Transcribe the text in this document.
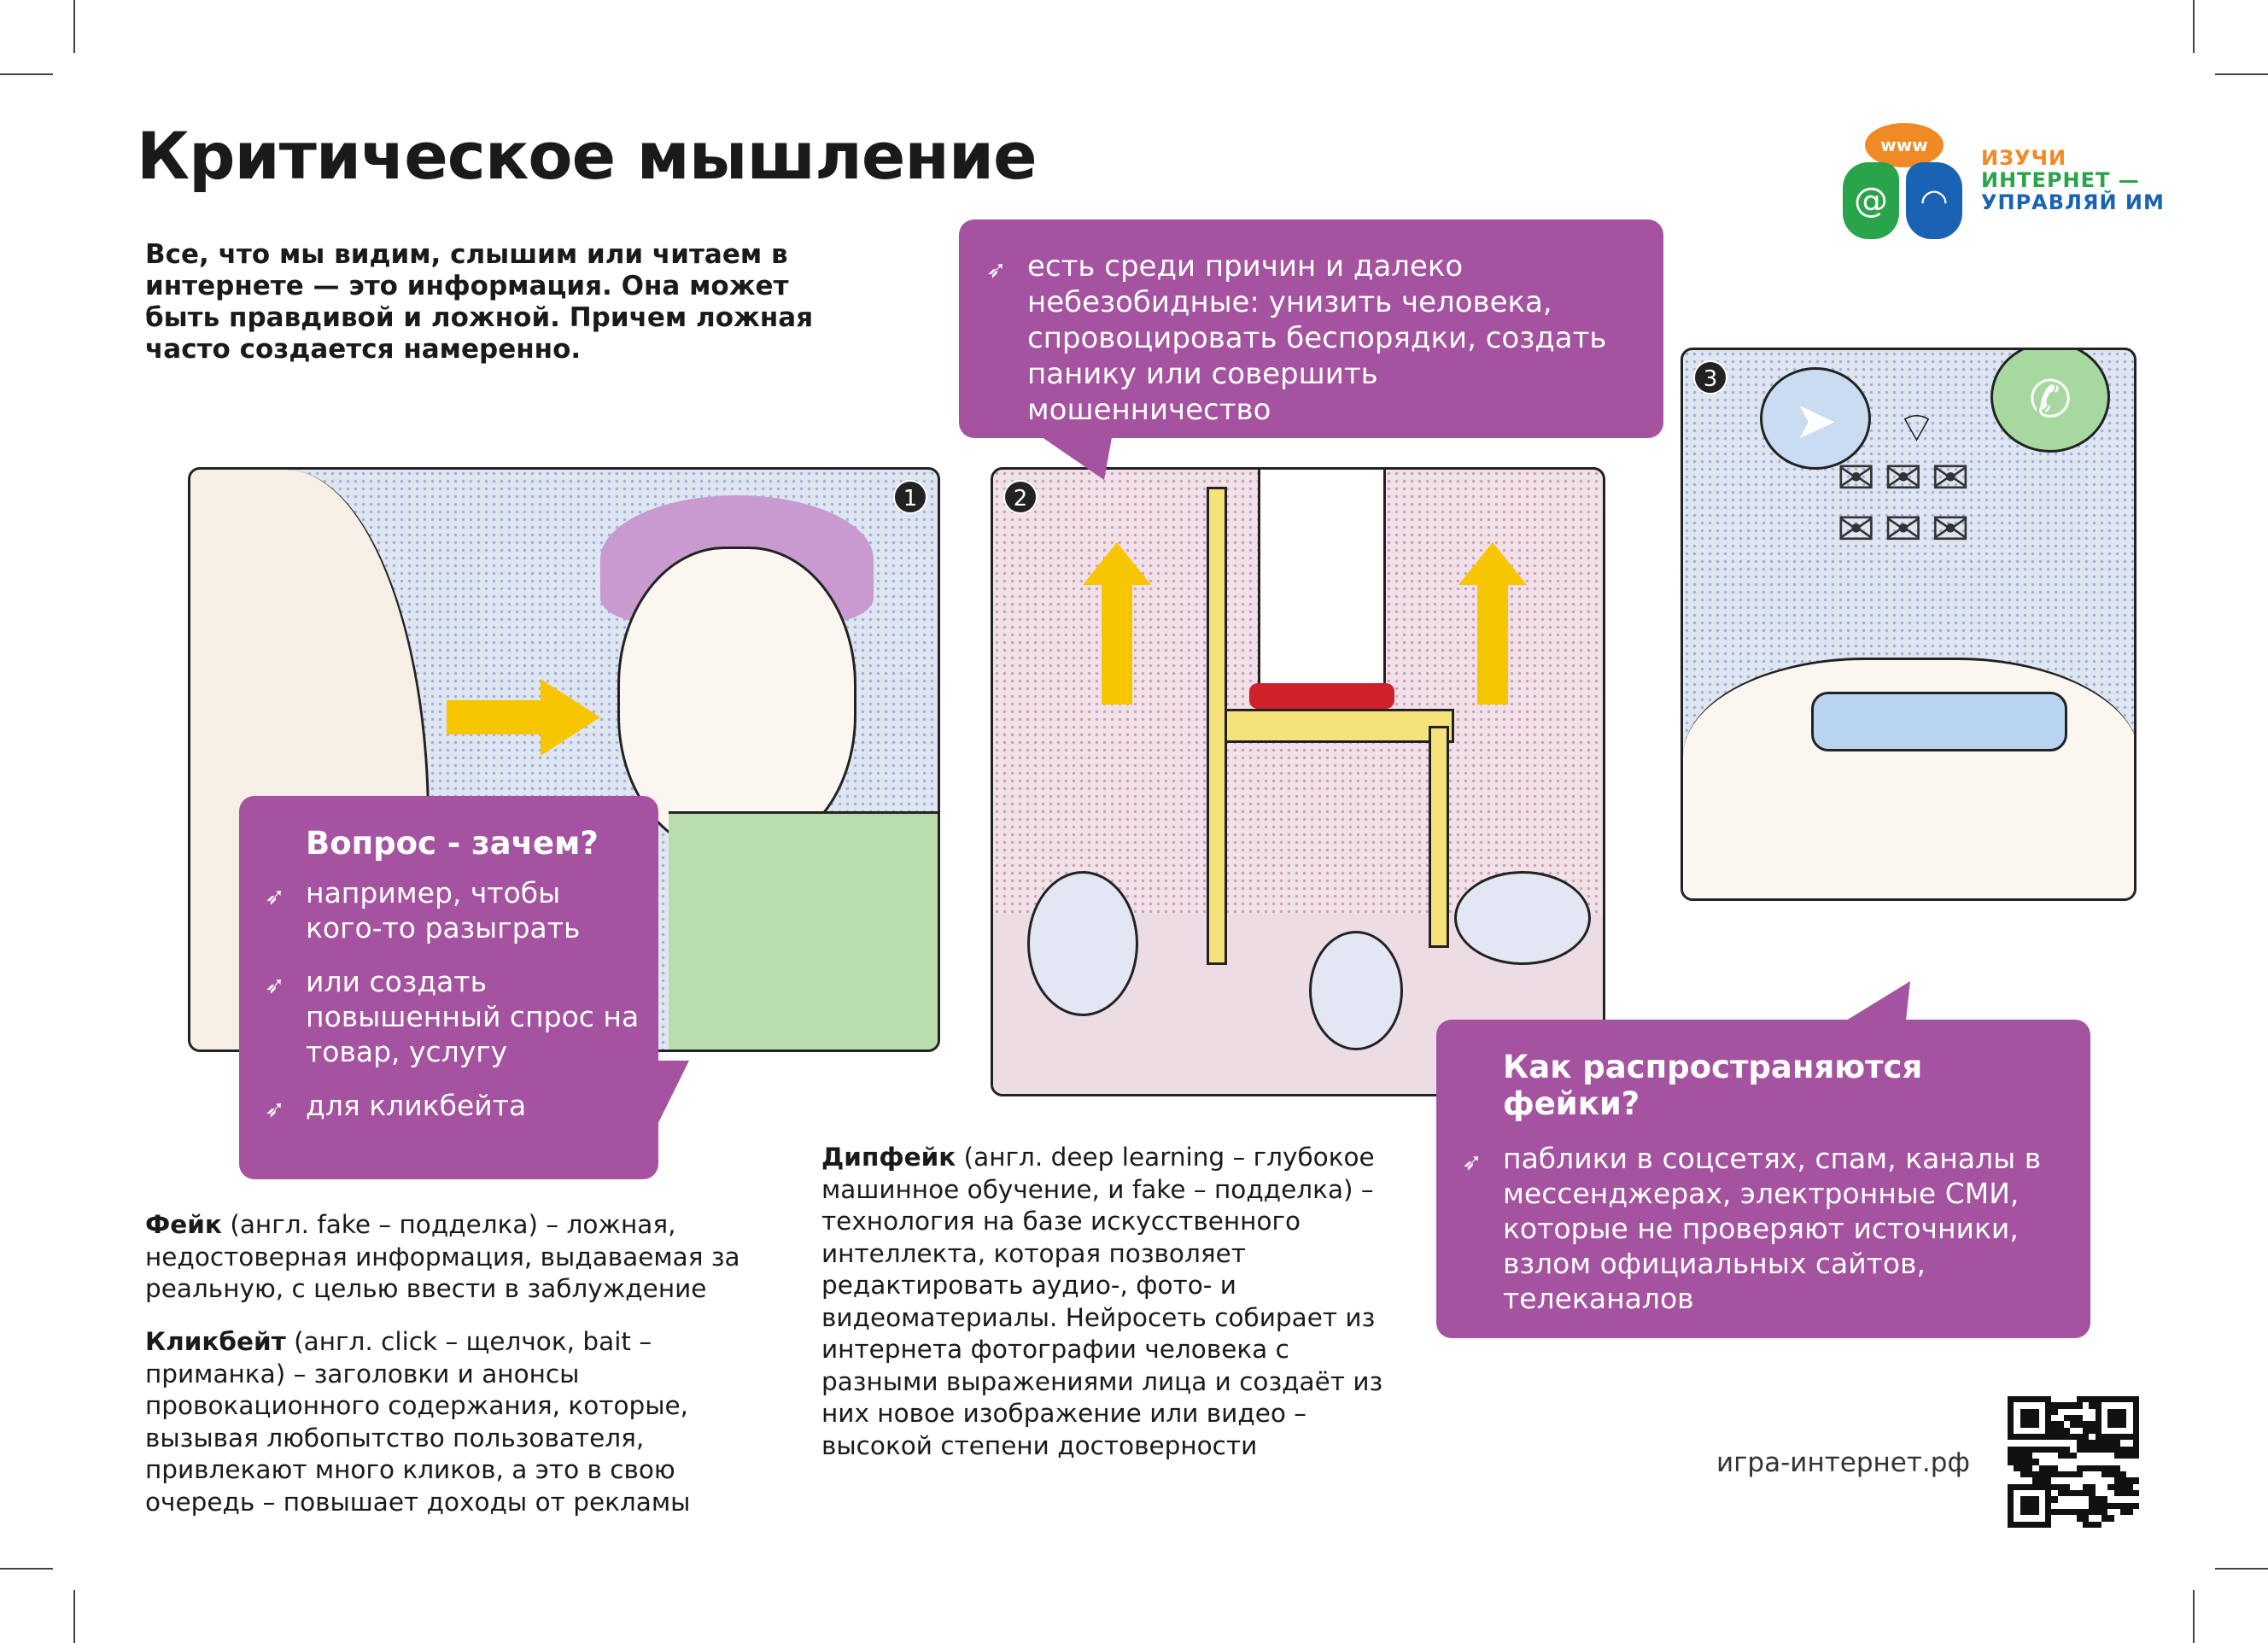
Критическое мышление
Все, что мы видим, слышим или читаем в интернете — это информация. Она может быть правдивой и ложной. Причем ложная часто создается намеренно.
www
@ ◠
ИЗУЧИ
ИНТЕРНЕТ —
УПРАВЛЯЙ ИМ
1	2
➤	✆
⌔
✉✉✉
✉✉✉
3
➶ есть среди причин и далеко небезобидные: унизить человека, спровоцировать беспорядки, создать панику или совершить мошенничество
Вопрос - зачем?
➶ например, чтобы кого-то разыграть
➶ или создать повышенный спрос на товар, услугу
➶ для кликбейта
Как распространяются фейки?
➶ паблики в соцсетях, спам, каналы в мессенджерах, электронные СМИ, которые не проверяют источники, взлом официальных сайтов, телеканалов
Фейк (англ. fake – подделка) – ложная, недостоверная информация, выдаваемая за реальную, с целью ввести в заблуждение
Кликбейт (англ. click – щелчок, bait – приманка) – заголовки и анонсы провокационного содержания, которые, вызывая любопытство пользователя, привлекают много кликов, а это в свою очередь – повышает доходы от рекламы
Дипфейк (англ. deep learning – глубокое машинное обучение, и fake – подделка) – технология на базе искусственного интеллекта, которая позволяет редактировать аудио-, фото- и видеоматериалы. Нейросеть собирает из интернета фотографии человека с разными выражениями лица и создаёт из них новое изображение или видео – высокой степени достоверности
игра-интернет.рф
